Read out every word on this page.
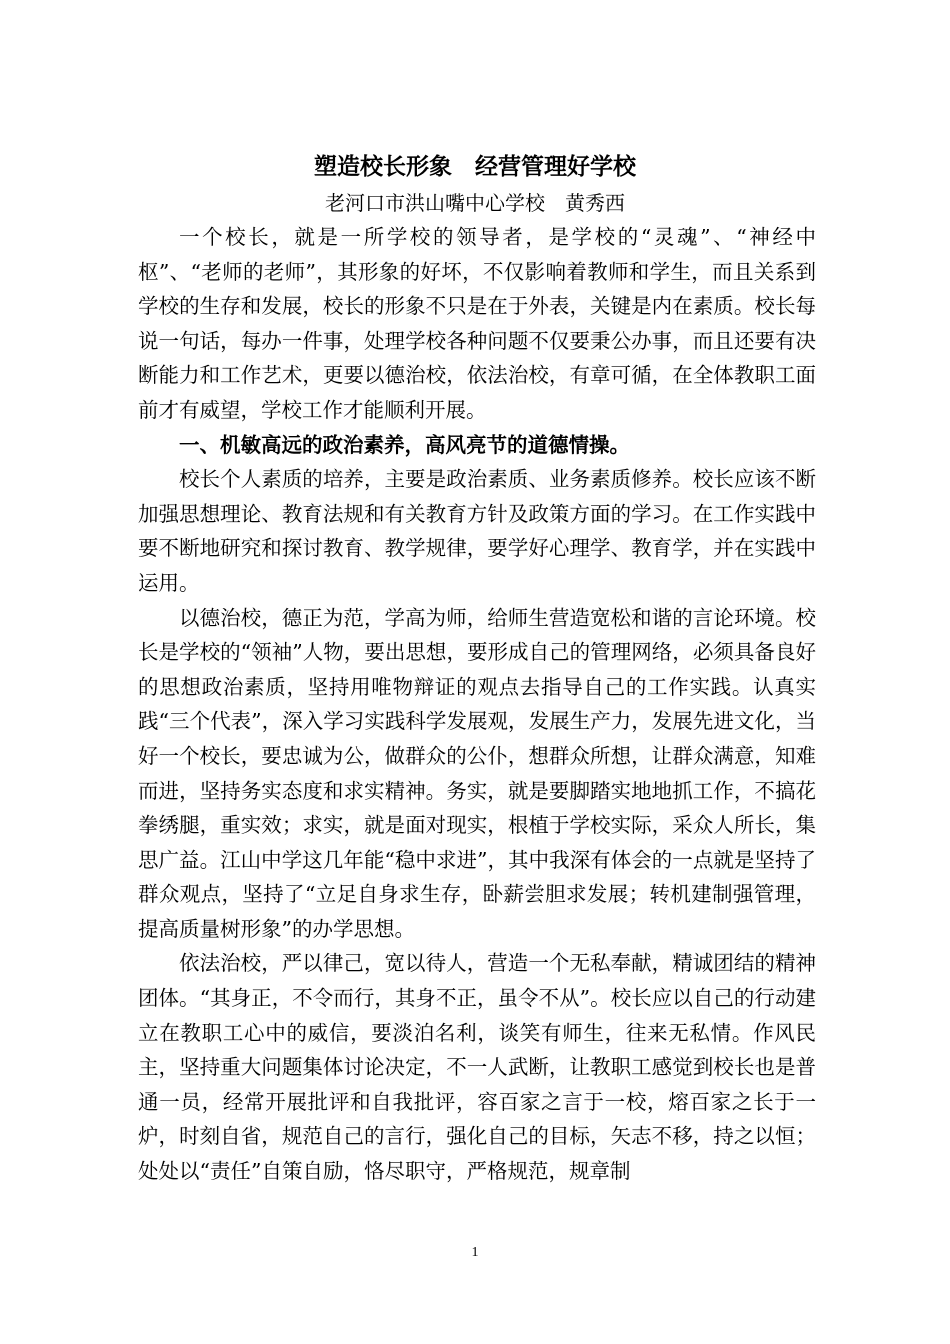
塑造校长形象　经营管理好学校
老河口市洪山嘴中心学校　黄秀西

一个校长，就是一所学校的领导者，是学校的“灵魂”、“神经中枢”、“老师的老师”，其形象的好坏，不仅影响着教师和学生，而且关系到学校的生存和发展，校长的形象不只是在于外表，关键是内在素质。校长每说一句话，每办一件事，处理学校各种问题不仅要秉公办事，而且还要有决断能力和工作艺术，更要以德治校，依法治校，有章可循，在全体教职工面前才有威望，学校工作才能顺利开展。

一、机敏高远的政治素养，高风亮节的道德情操。

校长个人素质的培养，主要是政治素质、业务素质修养。校长应该不断加强思想理论、教育法规和有关教育方针及政策方面的学习。在工作实践中要不断地研究和探讨教育、教学规律，要学好心理学、教育学，并在实践中运用。

以德治校，德正为范，学高为师，给师生营造宽松和谐的言论环境。校长是学校的“领袖”人物，要出思想，要形成自己的管理网络，必须具备良好的思想政治素质，坚持用唯物辩证的观点去指导自己的工作实践。认真实践“三个代表”，深入学习实践科学发展观，发展生产力，发展先进文化，当好一个校长，要忠诚为公，做群众的公仆，想群众所想，让群众满意，知难而进，坚持务实态度和求实精神。务实，就是要脚踏实地地抓工作，不搞花拳绣腿，重实效；求实，就是面对现实，根植于学校实际，采众人所长，集思广益。江山中学这几年能“稳中求进”，其中我深有体会的一点就是坚持了群众观点，坚持了“立足自身求生存，卧薪尝胆求发展；转机建制强管理，提高质量树形象”的办学思想。

依法治校，严以律己，宽以待人，营造一个无私奉献，精诚团结的精神团体。“其身正，不令而行，其身不正，虽令不从”。校长应以自己的行动建立在教职工心中的威信，要淡泊名利，谈笑有师生，往来无私情。作风民主，坚持重大问题集体讨论决定，不一人武断，让教职工感觉到校长也是普通一员，经常开展批评和自我批评，容百家之言于一校，熔百家之长于一炉，时刻自省，规范自己的言行，强化自己的目标，矢志不移，持之以恒；处处以“责任”自策自励，恪尽职守，严格规范，规章制

1
